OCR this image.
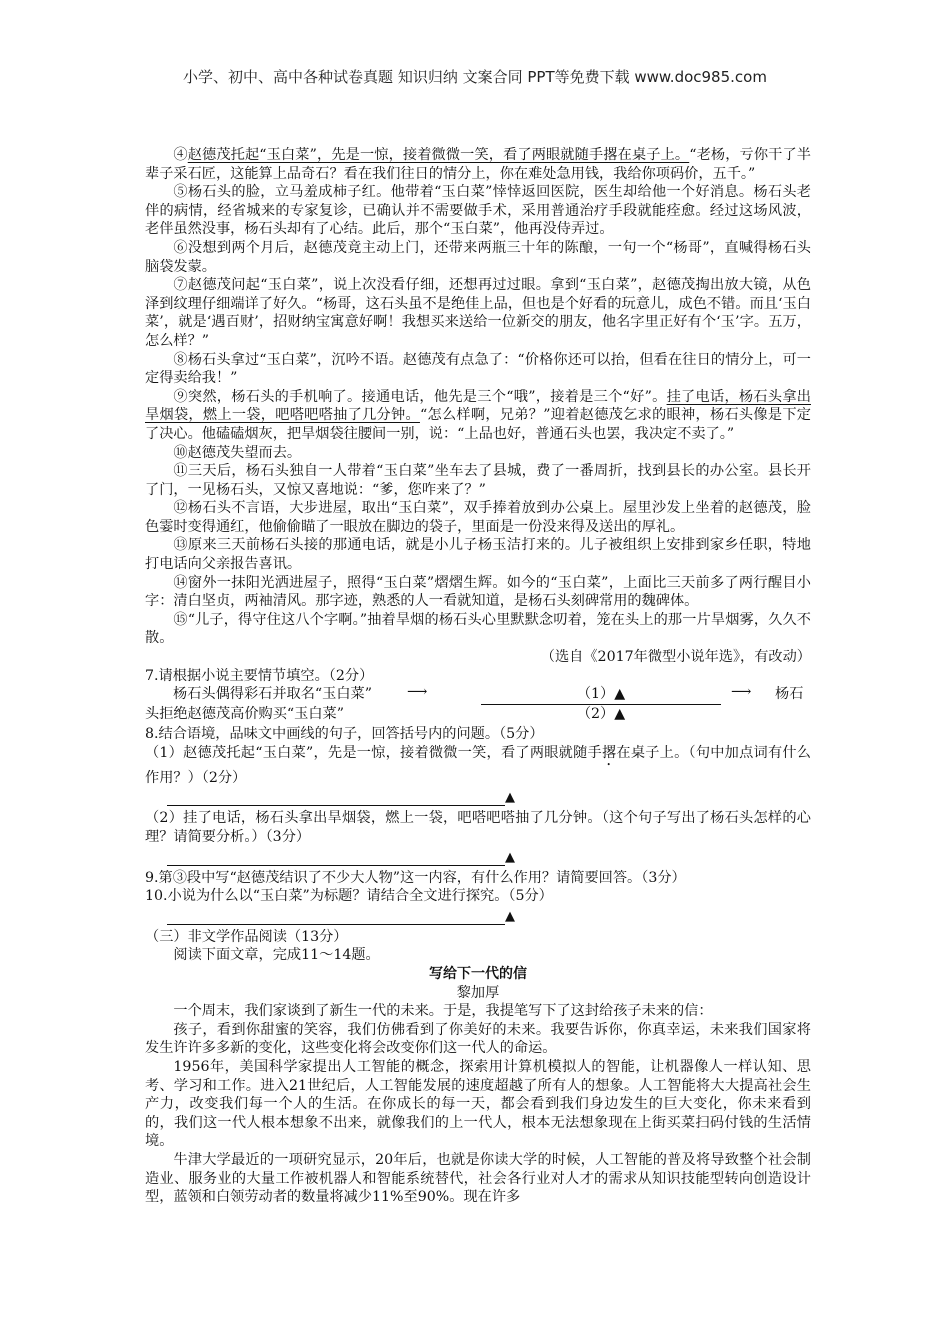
小学、初中、高中各种试卷真题 知识归纳 文案合同 PPT等免费下载 www.doc985.com

④赵德茂托起“玉白菜”，先是一惊，接着微微一笑，看了两眼就随手撂在桌子上。“老杨，亏你干了半辈子采石匠，这能算上品奇石？看在我们往日的情分上，你在难处急用钱，我给你项码价，五千。”

⑤杨石头的脸，立马羞成柿子红。他带着“玉白菜”悻悻返回医院，医生却给他一个好消息。杨石头老伴的病情，经省城来的专家复诊，已确认并不需要做手术，采用普通治疗手段就能痊愈。经过这场风波，老伴虽然没事，杨石头却有了心结。此后，那个“玉白菜”，他再没侍弄过。

⑥没想到两个月后，赵德茂竟主动上门，还带来两瓶三十年的陈酿，一句一个“杨哥”，直喊得杨石头脑袋发蒙。

⑦赵德茂问起“玉白菜”，说上次没看仔细，还想再过过眼。拿到“玉白菜”，赵德茂掏出放大镜，从色泽到纹理仔细端详了好久。“杨哥，这石头虽不是绝佳上品，但也是个好看的玩意儿，成色不错。而且‘玉白菜’，就是‘遇百财’，招财纳宝寓意好啊！我想买来送给一位新交的朋友，他名字里正好有个‘玉’字。五万，怎么样？”

⑧杨石头拿过“玉白菜”，沉吟不语。赵德茂有点急了：“价格你还可以抬，但看在往日的情分上，可一定得卖给我！”

⑨突然，杨石头的手机响了。接通电话，他先是三个“哦”，接着是三个“好”。挂了电话，杨石头拿出旱烟袋，燃上一袋，吧嗒吧嗒抽了几分钟。“怎么样啊，兄弟？”迎着赵德茂乞求的眼神，杨石头像是下定了决心。他磕磕烟灰，把旱烟袋往腰间一别，说：“上品也好，普通石头也罢，我决定不卖了。”

⑩赵德茂失望而去。

⑪三天后，杨石头独自一人带着“玉白菜”坐车去了县城，费了一番周折，找到县长的办公室。县长开了门，一见杨石头，又惊又喜地说：“爹，您咋来了？”

⑫杨石头不言语，大步进屋，取出“玉白菜”，双手捧着放到办公桌上。屋里沙发上坐着的赵德茂，脸色霎时变得通红，他偷偷瞄了一眼放在脚边的袋子，里面是一份没来得及送出的厚礼。

⑬原来三天前杨石头接的那通电话，就是小儿子杨玉洁打来的。儿子被组织上安排到家乡任职，特地打电话向父亲报告喜讯。

⑭窗外一抹阳光洒进屋子，照得“玉白菜”熠熠生辉。如今的“玉白菜”，上面比三天前多了两行醒目小字：清白坚贞，两袖清风。那字迹，熟悉的人一看就知道，是杨石头刻碑常用的魏碑体。

⑮“儿子，得守住这八个字啊。”抽着旱烟的杨石头心里默默念叨着，笼在头上的那一片旱烟雾，久久不散。

（选自《2017年微型小说年选》，有改动）

7.请根据小说主要情节填空。（2分）

杨石头偶得彩石并取名“玉白菜” ⟶	（1）▲	⟶ 杨石
头拒绝赵德茂高价购买“玉白菜”	（2）▲

8.结合语境，品味文中画线的句子，回答括号内的问题。（5分）

（1）赵德茂托起“玉白菜”，先是一惊，接着微微一笑，看了两眼就随手撂在桌子上。（句中加点词有什么作用？）（2分）

▲

（2）挂了电话，杨石头拿出旱烟袋，燃上一袋，吧嗒吧嗒抽了几分钟。（这个句子写出了杨石头怎样的心理？请简要分析。）（3分）

▲

9.第③段中写“赵德茂结识了不少大人物”这一内容，有什么作用？请简要回答。（3分）

10.小说为什么以“玉白菜”为标题？请结合全文进行探究。（5分）

▲

（三）非文学作品阅读（13分）

阅读下面文章，完成11～14题。

写给下一代的信

黎加厚

一个周末，我们家谈到了新生一代的未来。于是，我提笔写下了这封给孩子未来的信：

孩子，看到你甜蜜的笑容，我们仿佛看到了你美好的未来。我要告诉你，你真幸运，未来我们国家将发生许许多多新的变化，这些变化将会改变你们这一代人的命运。

1956年，美国科学家提出人工智能的概念，探索用计算机模拟人的智能，让机器像人一样认知、思考、学习和工作。进入21世纪后，人工智能发展的速度超越了所有人的想象。人工智能将大大提高社会生产力，改变我们每一个人的生活。在你成长的每一天，都会看到我们身边发生的巨大变化，你未来看到的，我们这一代人根本想象不出来，就像我们的上一代人，根本无法想象现在上街买菜扫码付钱的生活情境。

牛津大学最近的一项研究显示，20年后，也就是你读大学的时候，人工智能的普及将导致整个社会制造业、服务业的大量工作被机器人和智能系统替代，社会各行业对人才的需求从知识技能型转向创造设计型，蓝领和白领劳动者的数量将减少11%至90%。现在许多
